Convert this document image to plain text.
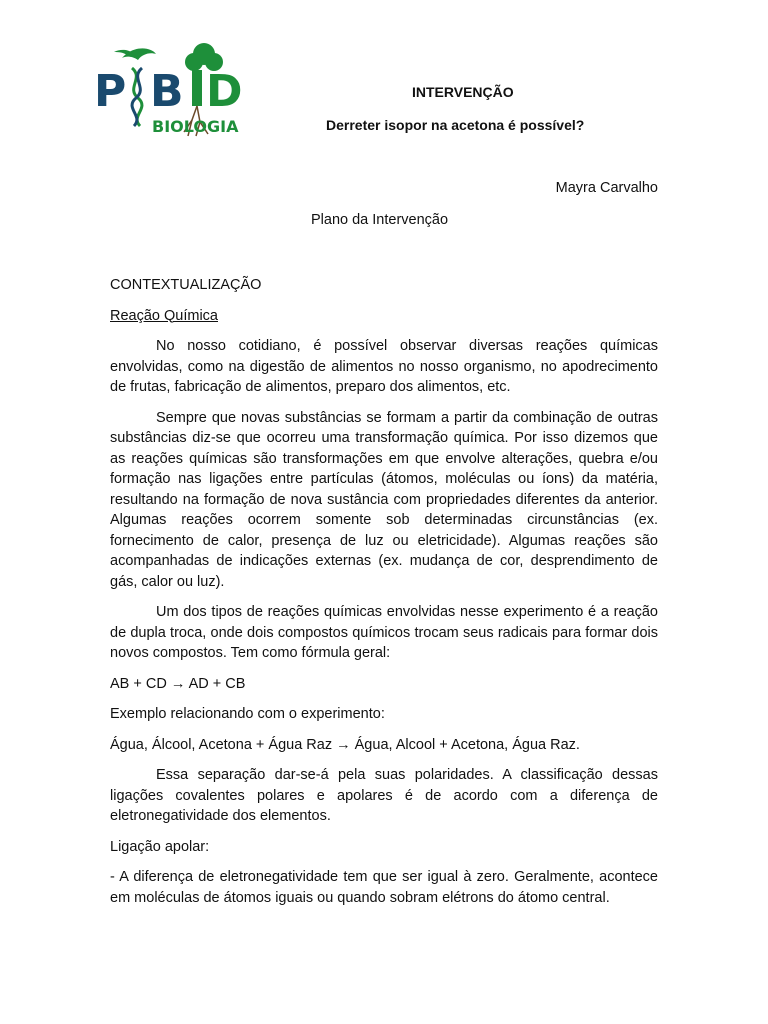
P B D
BIOLOGIA
INTERVENÇÃO
Derreter isopor na acetona é possível?
Mayra Carvalho
Plano da Intervenção

CONTEXTUALIZAÇÃO

Reação Química

No nosso cotidiano, é possível observar diversas reações químicas envolvidas, como na digestão de alimentos no nosso organismo, no apodrecimento de frutas, fabricação de alimentos, preparo dos alimentos, etc.

Sempre que novas substâncias se formam a partir da combinação de outras substâncias diz-se que ocorreu uma transformação química. Por isso dizemos que as reações químicas são transformações em que envolve alterações, quebra e/ou formação nas ligações entre partículas (átomos, moléculas ou íons) da matéria, resultando na formação de nova sustância com propriedades diferentes da anterior. Algumas reações ocorrem somente sob determinadas circunstâncias (ex. fornecimento de calor, presença de luz ou eletricidade). Algumas reações são acompanhadas de indicações externas (ex. mudança de cor, desprendimento de gás, calor ou luz).

Um dos tipos de reações químicas envolvidas nesse experimento é a reação de dupla troca, onde dois compostos químicos trocam seus radicais para formar dois novos compostos. Tem como fórmula geral:

AB + CD → AD + CB

Exemplo relacionando com o experimento:

Água, Álcool, Acetona + Água Raz → Água, Alcool + Acetona, Água Raz.

Essa separação dar-se-á pela suas polaridades. A classificação dessas ligações covalentes polares e apolares é de acordo com a diferença de eletronegatividade dos elementos.

Ligação apolar:

- A diferença de eletronegatividade tem que ser igual à zero. Geralmente, acontece em moléculas de átomos iguais ou quando sobram elétrons do átomo central.
